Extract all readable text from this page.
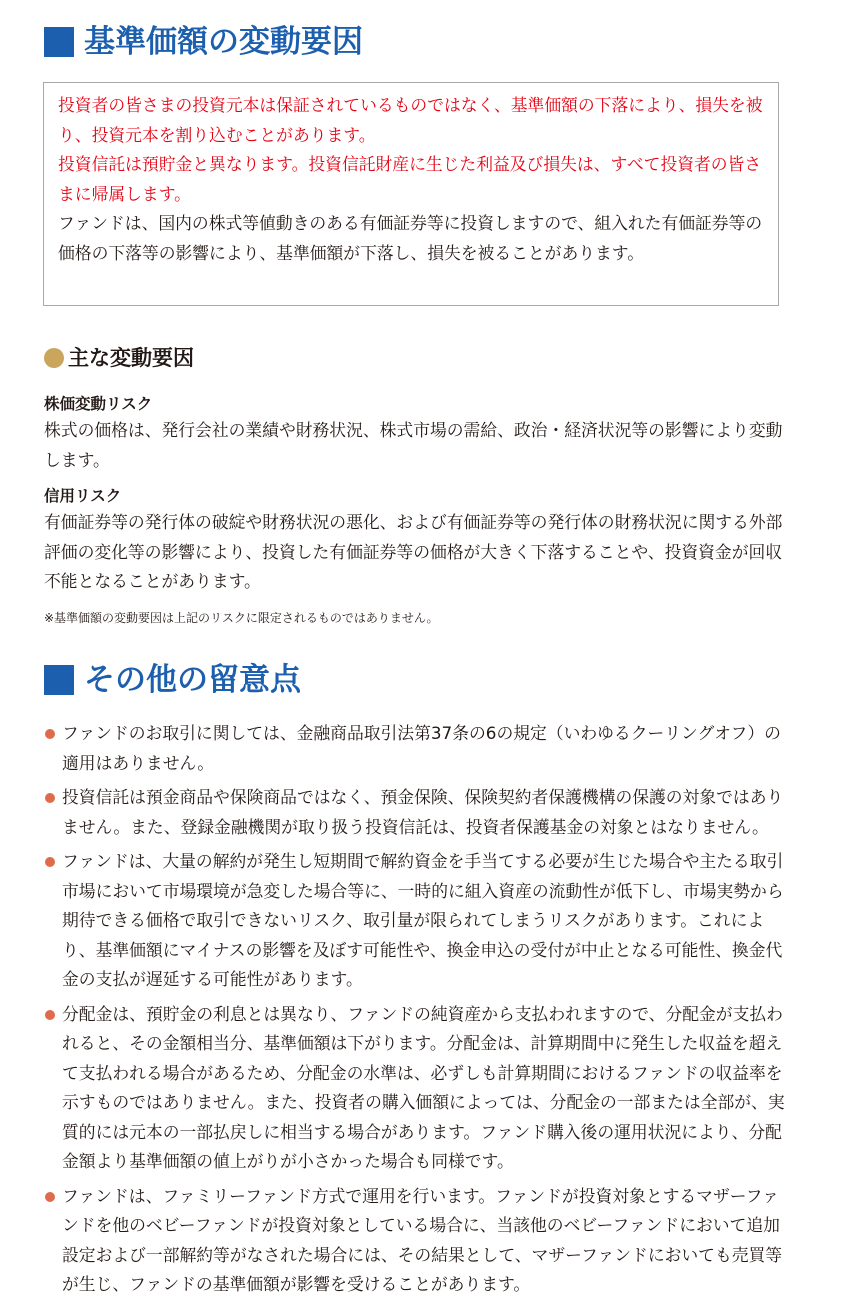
基準価額の変動要因

投資者の皆さまの投資元本は保証されているものではなく、基準価額の下落により、損失を被り、投資元本を割り込むことがあります。

投資信託は預貯金と異なります。投資信託財産に生じた利益及び損失は、すべて投資者の皆さまに帰属します。

ファンドは、国内の株式等値動きのある有価証券等に投資しますので、組入れた有価証券等の価格の下落等の影響により、基準価額が下落し、損失を被ることがあります。

主な変動要因
株価変動リスク

株式の価格は、発行会社の業績や財務状況、株式市場の需給、政治・経済状況等の影響により変動します。

信用リスク

有価証券等の発行体の破綻や財務状況の悪化、および有価証券等の発行体の財務状況に関する外部評価の変化等の影響により、投資した有価証券等の価格が大きく下落することや、投資資金が回収不能となることがあります。

※基準価額の変動要因は上記のリスクに限定されるものではありません。
その他の留意点
ファンドのお取引に関しては、金融商品取引法第37条の6の規定（いわゆるクーリングオフ）の適用はありません。
投資信託は預金商品や保険商品ではなく、預金保険、保険契約者保護機構の保護の対象ではありません。また、登録金融機関が取り扱う投資信託は、投資者保護基金の対象とはなりません。
ファンドは、大量の解約が発生し短期間で解約資金を手当てする必要が生じた場合や主たる取引市場において市場環境が急変した場合等に、一時的に組入資産の流動性が低下し、市場実勢から期待できる価格で取引できないリスク、取引量が限られてしまうリスクがあります。これにより、基準価額にマイナスの影響を及ぼす可能性や、換金申込の受付が中止となる可能性、換金代金の支払が遅延する可能性があります。
分配金は、預貯金の利息とは異なり、ファンドの純資産から支払われますので、分配金が支払われると、その金額相当分、基準価額は下がります。分配金は、計算期間中に発生した収益を超えて支払われる場合があるため、分配金の水準は、必ずしも計算期間におけるファンドの収益率を示すものではありません。また、投資者の購入価額によっては、分配金の一部または全部が、実質的には元本の一部払戻しに相当する場合があります。ファンド購入後の運用状況により、分配金額より基準価額の値上がりが小さかった場合も同様です。
ファンドは、ファミリーファンド方式で運用を行います。ファンドが投資対象とするマザーファンドを他のベビーファンドが投資対象としている場合に、当該他のベビーファンドにおいて追加設定および一部解約等がなされた場合には、その結果として、マザーファンドにおいても売買等が生じ、ファンドの基準価額が影響を受けることがあります。
